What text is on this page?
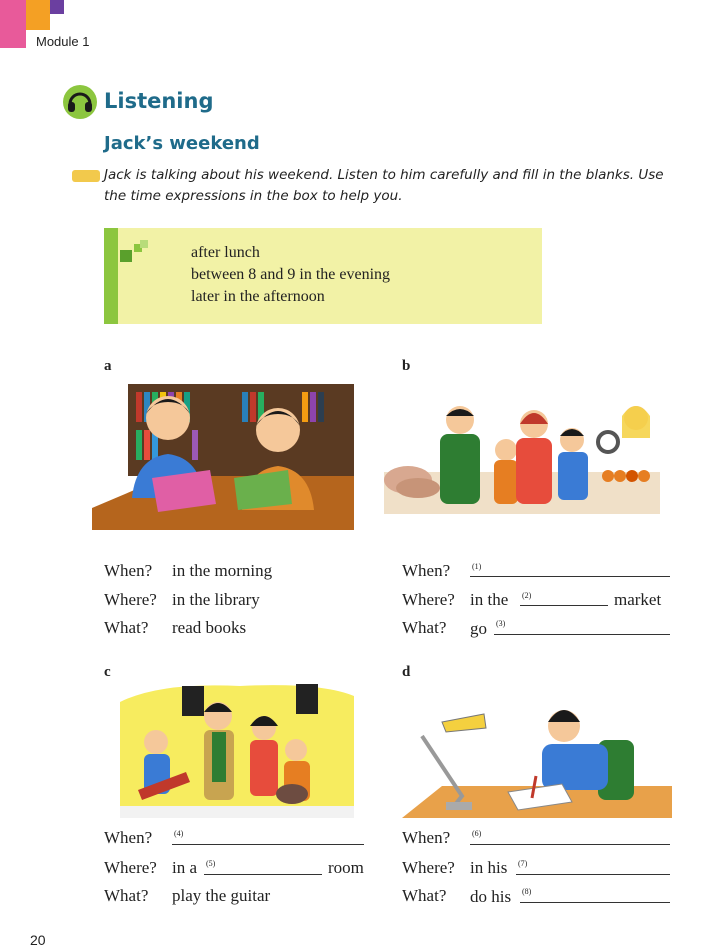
Module 1
Listening
Jack’s weekend
Jack is talking about his weekend. Listen to him carefully and fill in the blanks. Use
the time expressions in the box to help you.
after lunch
between 8 and 9 in the evening
later in the afternoon
a	b
c	d
When? in the morning
Where? in the library
What? read books
When?	(1)
Where? in the (2)	market
What? go (3)
When?	(4)
Where? in a (5)	room
What? play the guitar
When?	(6)
Where? in his (7)
What? do his (8)
20
